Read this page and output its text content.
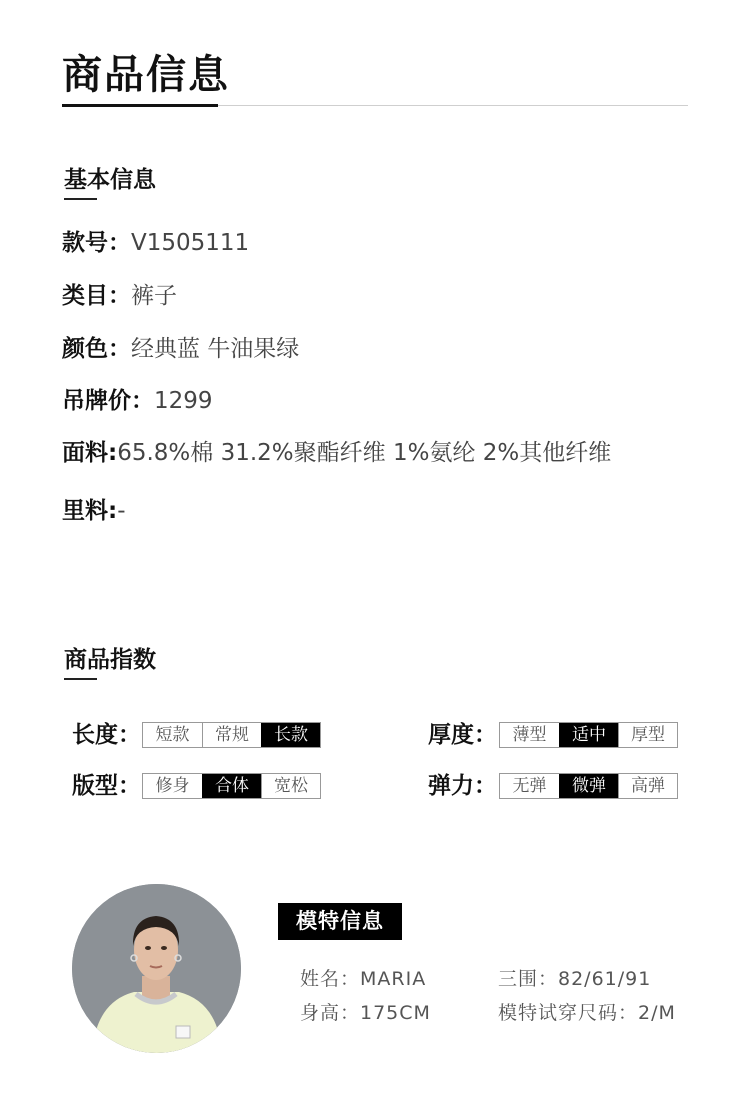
商品信息
基本信息
款号：V1505111
类目：裤子
颜色：经典蓝 牛油果绿
吊牌价：1299
面料:65.8%棉 31.2%聚酯纤维 1%氨纶 2%其他纤维
里料:-
商品指数
长度： 短款	常规	长款	厚度： 薄型	适中	厚型
版型： 修身	合体	宽松	弹力： 无弹	微弹	高弹
模特信息
姓名：MARIA
身高：175CM
三围：82/61/91
模特试穿尺码：2/M
